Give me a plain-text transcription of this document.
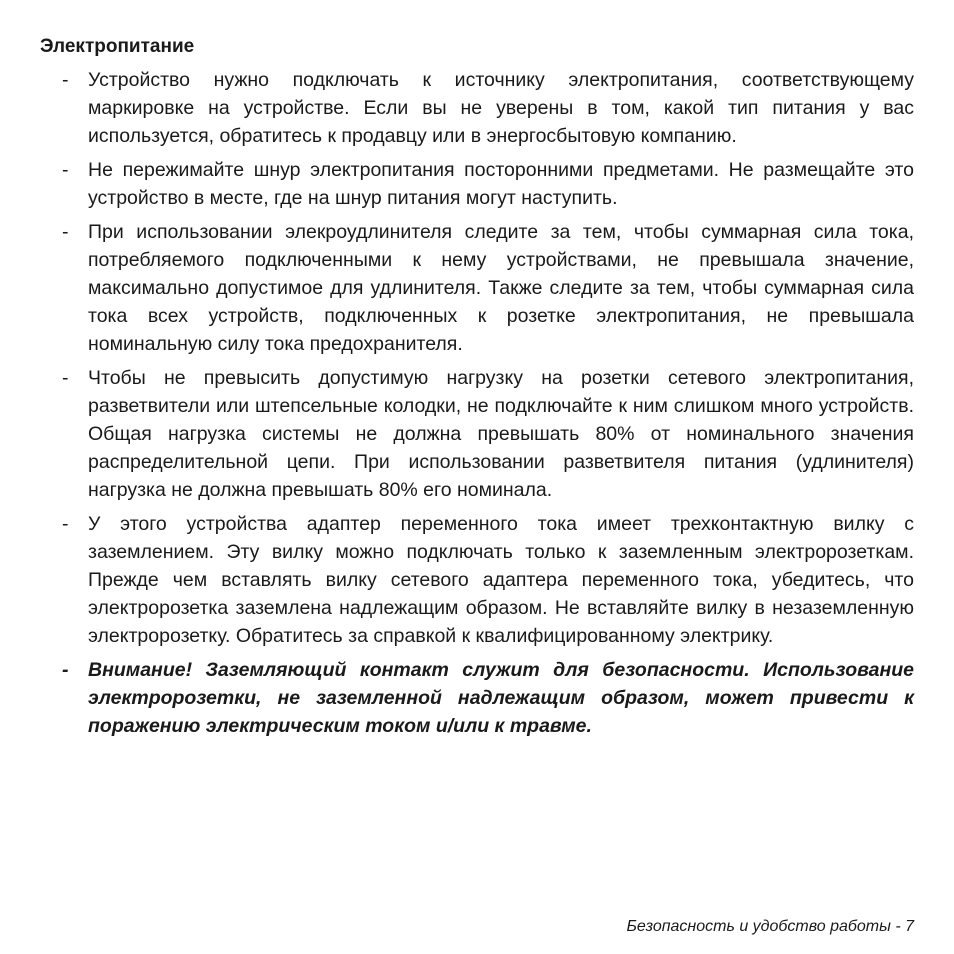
Электропитание
- Устройство нужно подключать к источнику электропитания, соответствующему маркировке на устройстве. Если вы не уверены в том, какой тип питания у вас используется, обратитесь к продавцу или в энергосбытовую компанию.
- Не пережимайте шнур электропитания посторонними предметами. Не размещайте это устройство в месте, где на шнур питания могут наступить.
- При использовании элекроудлинителя следите за тем, чтобы суммарная сила тока, потребляемого подключенными к нему устройствами, не превышала значение, максимально допустимое для удлинителя. Также следите за тем, чтобы суммарная сила тока всех устройств, подключенных к розетке электропитания, не превышала номинальную силу тока предохранителя.
- Чтобы не превысить допустимую нагрузку на розетки сетевого электропитания, разветвители или штепсельные колодки, не подключайте к ним слишком много устройств. Общая нагрузка системы не должна превышать 80% от номинального значения распределительной цепи. При использовании разветвителя питания (удлинителя) нагрузка не должна превышать 80% его номинала.
- У этого устройства адаптер переменного тока имеет трехконтактную вилку с заземлением. Эту вилку можно подключать только к заземленным электророзеткам. Прежде чем вставлять вилку сетевого адаптера переменного тока, убедитесь, что электророзетка заземлена надлежащим образом. Не вставляйте вилку в незаземленную электророзетку. Обратитесь за справкой к квалифицированному электрику.
- Внимание! Заземляющий контакт служит для безопасности. Использование электророзетки, не заземленной надлежащим образом, может привести к поражению электрическим током и/или к травме.
Безопасность и удобство работы - 7
